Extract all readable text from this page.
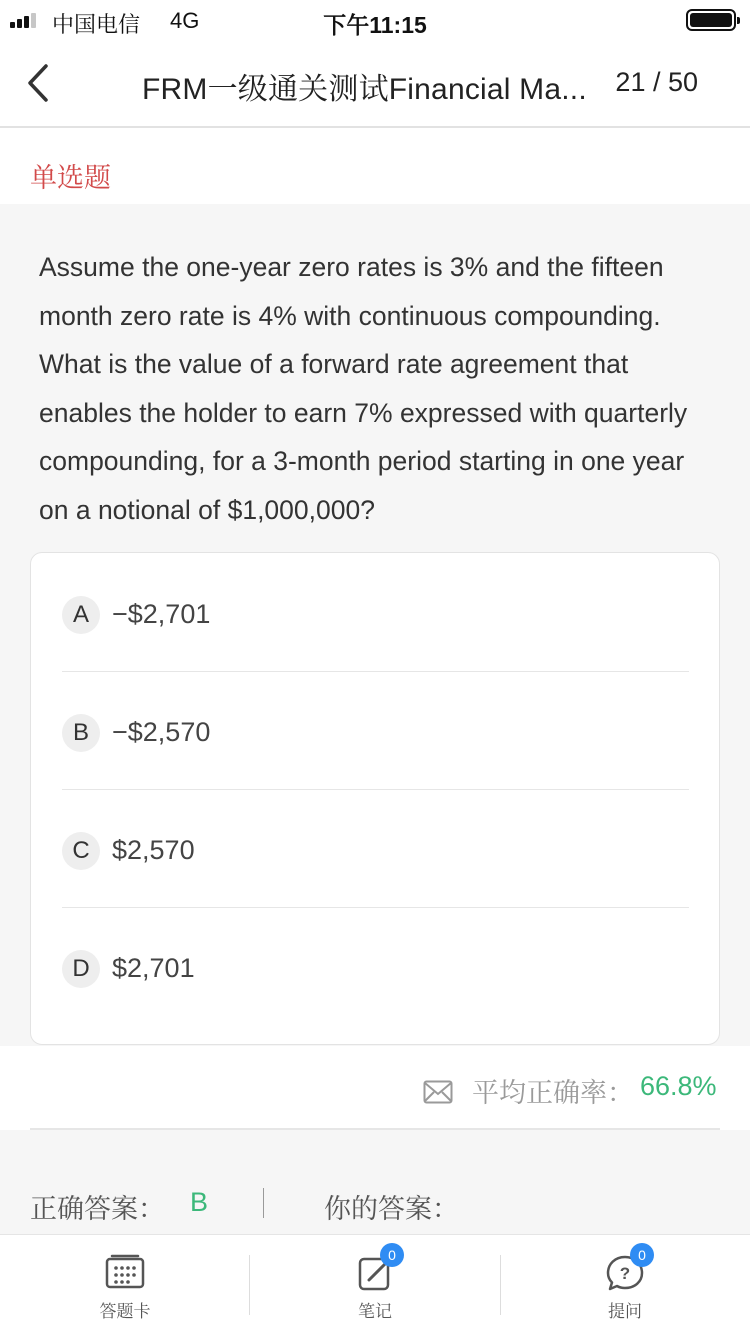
中国电信 4G	下午11:15
FRM一级通关测试Financial Ma... 21 / 50
单选题
Assume the one-year zero rates is 3% and the fifteen month zero rate is 4% with continuous compounding. What is the value of a forward rate agreement that enables the holder to earn 7% expressed with quarterly compounding, for a 3-month period starting in one year on a notional of $1,000,000?
A −$2,701
B −$2,570
C $2,570
D $2,701
平均正确率： 66.8%
正确答案： B	你的答案：
答题卡
0
笔记
?
0
提问
